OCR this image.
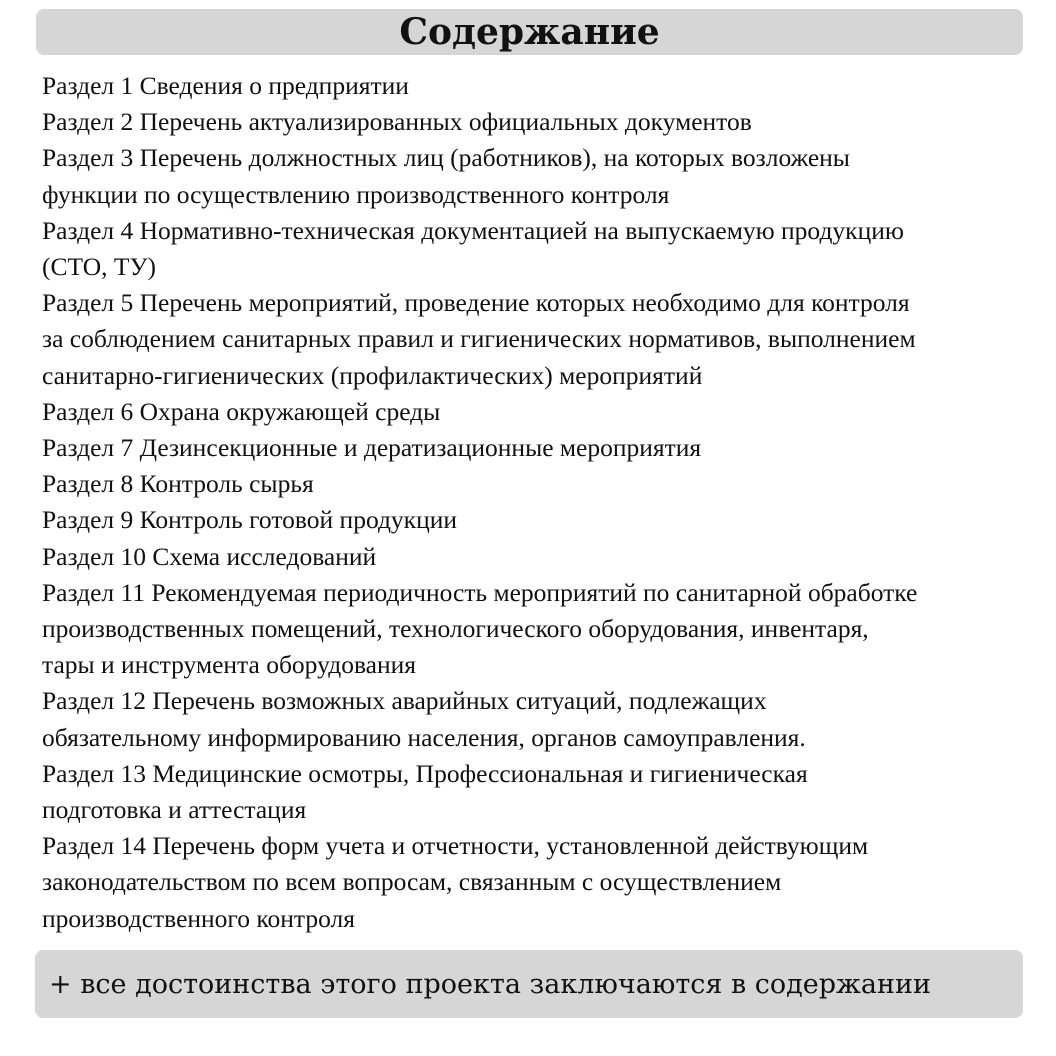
Содержание
Раздел 1 Сведения о предприятии
Раздел 2 Перечень актуализированных официальных документов
Раздел 3 Перечень должностных лиц (работников), на которых возложены
функции по осуществлению производственного контроля
Раздел 4 Нормативно-техническая документацией на выпускаемую продукцию
(СТО, ТУ)
Раздел 5 Перечень мероприятий, проведение которых необходимо для контроля
за соблюдением санитарных правил и гигиенических нормативов, выполнением
санитарно-гигиенических (профилактических) мероприятий
Раздел 6 Охрана окружающей среды
Раздел 7 Дезинсекционные и дератизационные мероприятия
Раздел 8 Контроль сырья
Раздел 9 Контроль готовой продукции
Раздел 10 Схема исследований
Раздел 11 Рекомендуемая периодичность мероприятий по санитарной обработке
производственных помещений, технологического оборудования, инвентаря,
тары и инструмента оборудования
Раздел 12 Перечень возможных аварийных ситуаций, подлежащих
обязательному информированию населения, органов самоуправления.
Раздел 13 Медицинские осмотры, Профессиональная и гигиеническая
подготовка и аттестация
Раздел 14 Перечень форм учета и отчетности, установленной действующим
законодательством по всем вопросам, связанным с осуществлением
производственного контроля
+ все достоинства этого проекта заключаются в содержании
